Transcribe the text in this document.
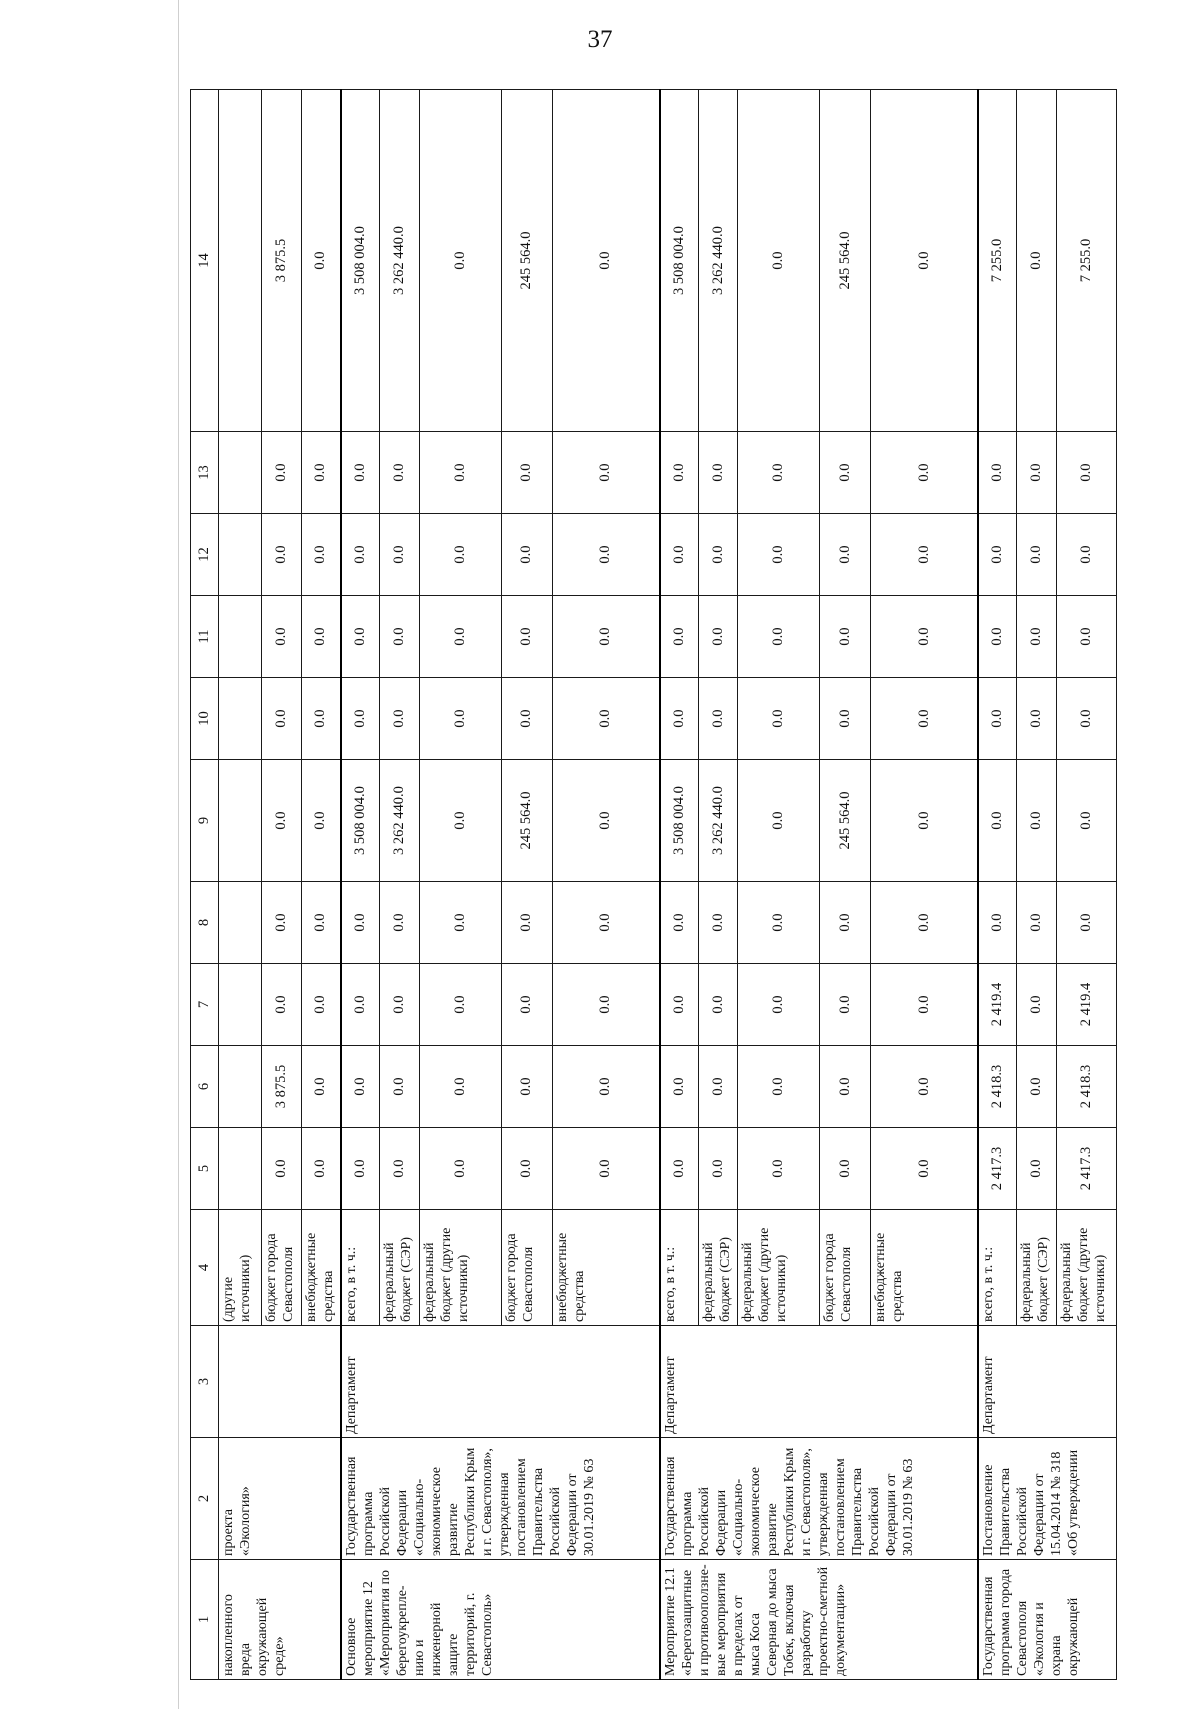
37
1	2	3	4	5	6	7	8	9	10	11	12	13	14
накопленного вреда окружающей среде»	проекта «Экология»		(другие источники)										
			бюджет города Севастополя	0.0	3 875.5	0.0	0.0	0.0	0.0	0.0	0.0	0.0	3 875.5
			внебюджетные средства	0.0	0.0	0.0	0.0	0.0	0.0	0.0	0.0	0.0	0.0
Основное мероприятие 12 «Мероприятия по берегоукрепле-нию и инженерной защите территорий, г. Севастополь»	Государственная программа Российской Федерации «Социально-экономическое развитие Республики Крым и г. Севастополя», утвержденная постановлением Правительства Российской Федерации от 30.01.2019 № 63	Департамент	всего, в т. ч.:	0.0	0.0	0.0	0.0	3 508 004.0	0.0	0.0	0.0	0.0	3 508 004.0
			федеральный бюджет (СЭР)	0.0	0.0	0.0	0.0	3 262 440.0	0.0	0.0	0.0	0.0	3 262 440.0
			федеральный бюджет (другие источники)	0.0	0.0	0.0	0.0	0.0	0.0	0.0	0.0	0.0	0.0
			бюджет города Севастополя	0.0	0.0	0.0	0.0	245 564.0	0.0	0.0	0.0	0.0	245 564.0
			внебюджетные средства	0.0	0.0	0.0	0.0	0.0	0.0	0.0	0.0	0.0	0.0
Мероприятие 12.1 «Берегозащитные и противооползне-вые мероприятия в пределах от мыса Коса Северная до мыса Тобек, включая разработку проектно-сметной документации»	Государственная программа Российской Федерации «Социально-экономическое развитие Республики Крым и г. Севастополя», утвержденная постановлением Правительства Российской Федерации от 30.01.2019 № 63	Департамент	всего, в т. ч.:	0.0	0.0	0.0	0.0	3 508 004.0	0.0	0.0	0.0	0.0	3 508 004.0
			федеральный бюджет (СЭР)	0.0	0.0	0.0	0.0	3 262 440.0	0.0	0.0	0.0	0.0	3 262 440.0
			федеральный бюджет (другие источники)	0.0	0.0	0.0	0.0	0.0	0.0	0.0	0.0	0.0	0.0
			бюджет города Севастополя	0.0	0.0	0.0	0.0	245 564.0	0.0	0.0	0.0	0.0	245 564.0
			внебюджетные средства	0.0	0.0	0.0	0.0	0.0	0.0	0.0	0.0	0.0	0.0
Государственная программа города Севастополя «Экология и охрана окружающей	Постановление Правительства Российской Федерации от 15.04.2014 № 318 «Об утверждении	Департамент	всего, в т. ч.:	2 417.3	2 418.3	2 419.4	0.0	0.0	0.0	0.0	0.0	0.0	7 255.0
			федеральный бюджет (СЭР)	0.0	0.0	0.0	0.0	0.0	0.0	0.0	0.0	0.0	0.0
			федеральный бюджет (другие источники)	2 417.3	2 418.3	2 419.4	0.0	0.0	0.0	0.0	0.0	0.0	7 255.0
